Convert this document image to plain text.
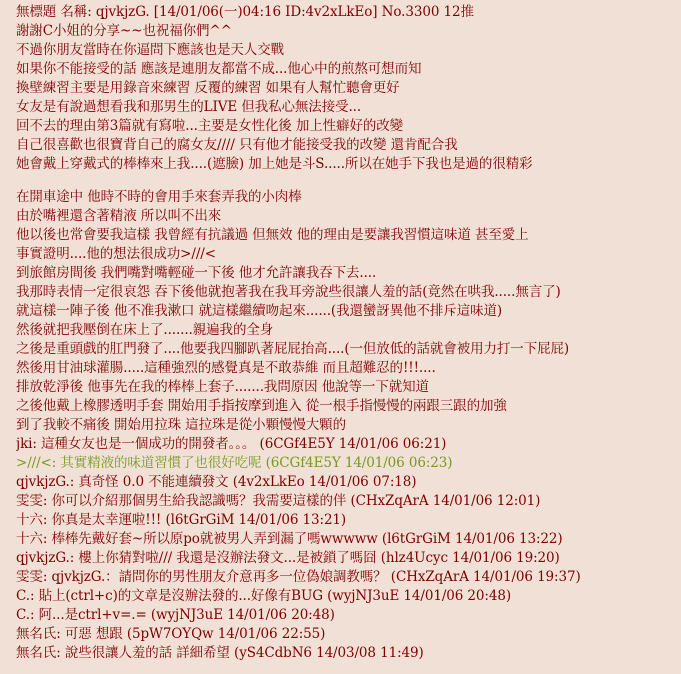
無標題 名稱: qjvkjzG. [14/01/06(一)04:16 ID:4v2xLkEo] No.3300 12推
謝謝C小姐的分享~~也祝福你們^^
不過你朋友當時在你逼問下應該也是天人交戰
如果你不能接受的話 應該是連朋友都當不成...他心中的煎熬可想而知
換壁練習主要是用錄音來練習 反覆的練習 如果有人幫忙聽會更好
女友是有說過想看我和那男生的LIVE 但我私心無法接受...
回不去的理由第3篇就有寫啦...主要是女性化後 加上性癖好的改變
自己很喜歡也很寶背自己的腐女友//// 只有他才能接受我的改變 還肯配合我
她會戴上穿戴式的棒棒來上我....(遮臉) 加上她是斗S.....所以在她手下我也是過的很精彩
在開車途中 他時不時的會用手來套弄我的小肉棒
由於嘴裡還含著精液 所以叫不出來
他以後也常會要我這樣 我曾經有抗議過 但無效 他的理由是要讓我習慣這味道 甚至愛上
事實證明....他的想法很成功>///<
到旅館房間後 我們嘴對嘴輕碰一下後 他才允許讓我吞下去....
我那時表情一定很哀怨 吞下後他就抱著我在我耳旁說些很讓人羞的話(竟然在哄我.....無言了)
就這樣一陣子後 他不准我漱口 就這樣繼續吻起來......(我還蠻訝異他不排斥這味道)
然後就把我壓倒在床上了.......親遍我的全身
之後是重頭戲的肛門發了....他要我四腳趴著屁屁抬高....(一但放低的話就會被用力打一下屁屁)
然後用甘油球灌腸.....這種強烈的感覺真是不敢恭維 而且超難忍的!!!....
排放乾淨後 他事先在我的棒棒上套子.......我問原因 他說等一下就知道
之後他戴上橡膠透明手套 開始用手指按摩到進入 從一根手指慢慢的兩跟三跟的加強
到了我較不痛後 開始用拉珠 這拉珠是從小顆慢慢大顆的
jki: 這種女友也是一個成功的開發者。。。 (6CGf4E5Y 14/01/06 06:21)
>///<: 其實精液的味道習慣了也很好吃呢 (6CGf4E5Y 14/01/06 06:23)
qjvkjzG.: 真奇怪 0.0 不能連續發文 (4v2xLkEo 14/01/06 07:18)
雯雯: 你可以介紹那個男生給我認識嗎？我需要這樣的伴 (CHxZqArA 14/01/06 12:01)
十六: 你真是太幸運啦!!! (l6tGrGiM 14/01/06 13:21)
十六: 棒棒先戴好套~所以原po就被男人弄到漏了嗎wwwww (l6tGrGiM 14/01/06 13:22)
qjvkjzG.: 樓上你猜對啦/// 我還是沒辦法發文...是被鎖了嗎囧 (hlz4Ucyc 14/01/06 19:20)
雯雯: qjvkjzG.：請問你的男性朋友介意再多一位偽娘調教嗎？ (CHxZqArA 14/01/06 19:37)
C.: 貼上(ctrl+c)的文章是沒辦法發的...好像有BUG (wyjNJ3uE 14/01/06 20:48)
C.: 阿...是ctrl+v=.= (wyjNJ3uE 14/01/06 20:48)
無名氏: 可惡 想跟 (5pW7OYQw 14/01/06 22:55)
無名氏: 說些很讓人羞的話 詳細希望 (yS4CdbN6 14/03/08 11:49)
